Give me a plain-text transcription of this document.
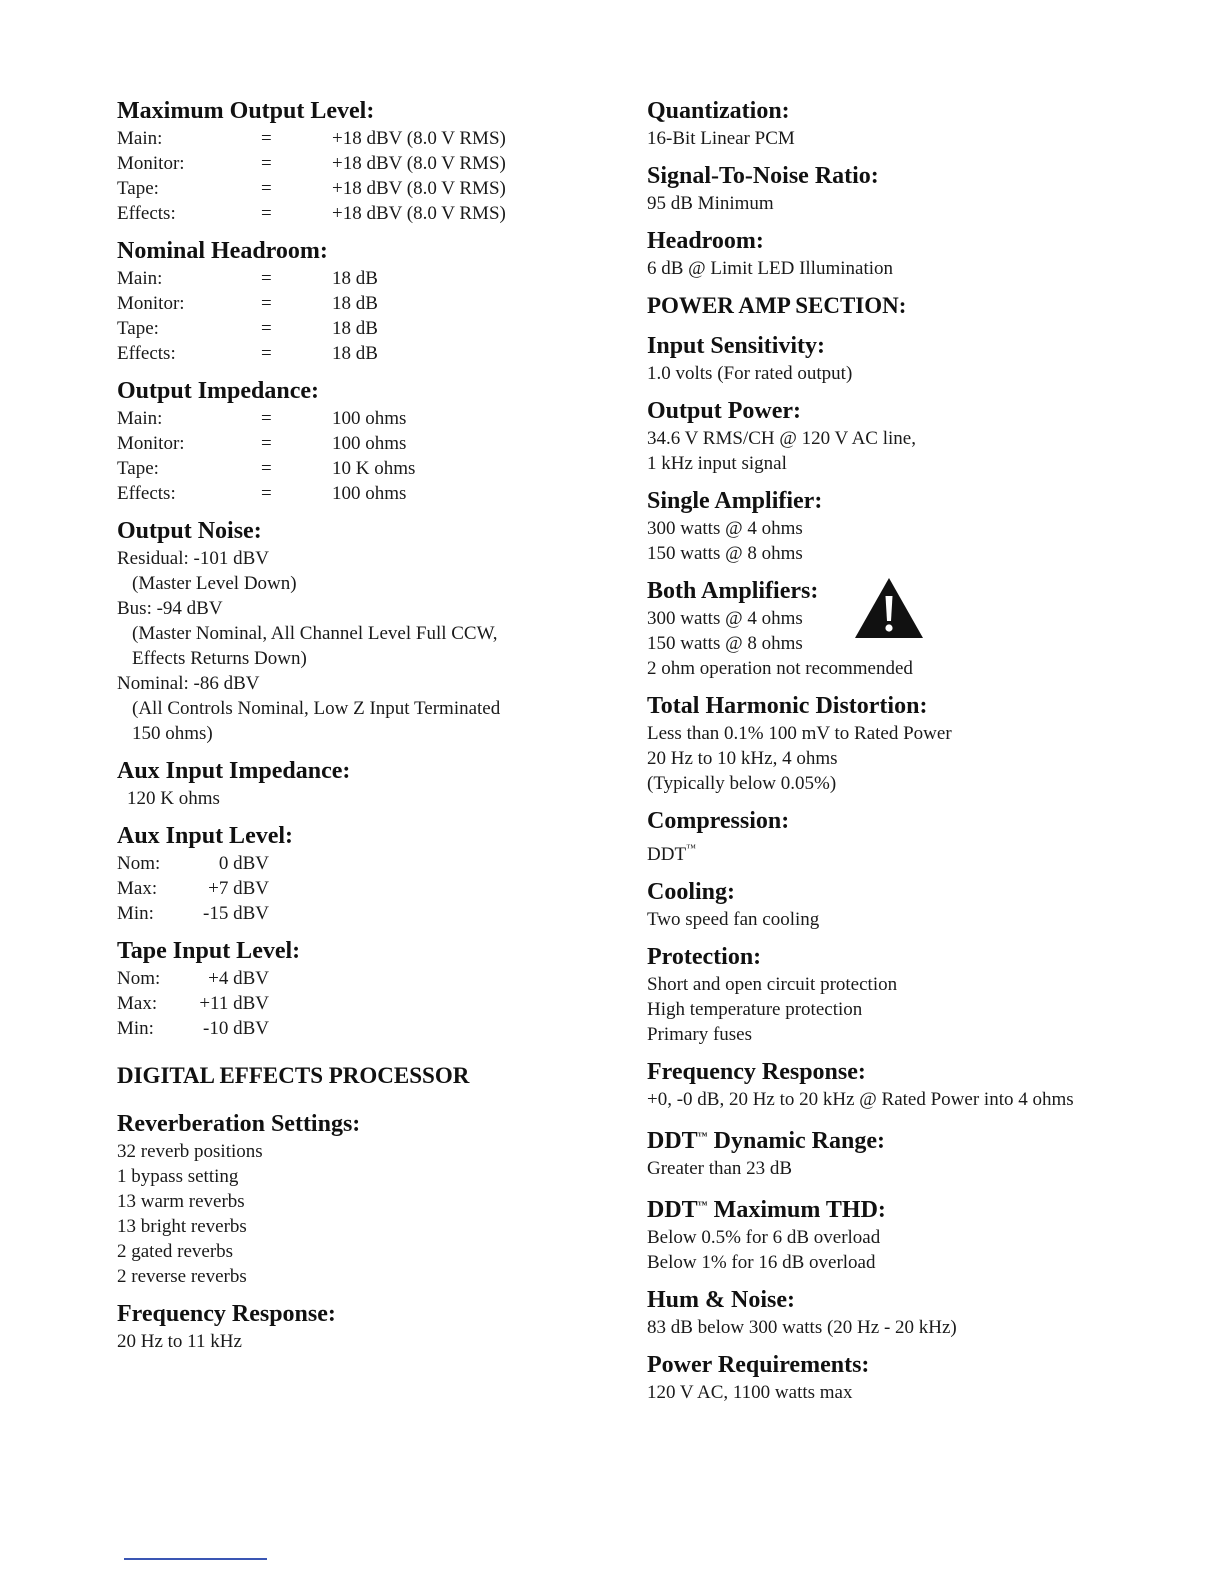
Maximum Output Level:
Main:	=	+18 dBV (8.0 V RMS)
Monitor:	=	+18 dBV (8.0 V RMS)
Tape:	=	+18 dBV (8.0 V RMS)
Effects:	=	+18 dBV (8.0 V RMS)
Nominal Headroom:
Main:	=	18 dB
Monitor:	=	18 dB
Tape:	=	18 dB
Effects:	=	18 dB
Output Impedance:
Main:	=	100 ohms
Monitor:	=	100 ohms
Tape:	=	10 K ohms
Effects:	=	100 ohms
Output Noise:
Residual: -101 dBV
(Master Level Down)
Bus: -94 dBV
(Master Nominal, All Channel Level Full CCW,
Effects Returns Down)
Nominal: -86 dBV
(All Controls Nominal, Low Z Input Terminated
150 ohms)
Aux Input Impedance:
120 K ohms
Aux Input Level:
Nom:	0 dBV
Max:	+7 dBV
Min:	-15 dBV
Tape Input Level:
Nom:	+4 dBV
Max:	+11 dBV
Min:	-10 dBV
DIGITAL EFFECTS PROCESSOR
Reverberation Settings:
32 reverb positions
1 bypass setting
13 warm reverbs
13 bright reverbs
2 gated reverbs
2 reverse reverbs
Frequency Response:
20 Hz to 11 kHz
Quantization:
16-Bit Linear PCM
Signal-To-Noise Ratio:
95 dB Minimum
Headroom:
6 dB @ Limit LED Illumination
POWER AMP SECTION:
Input Sensitivity:
1.0 volts (For rated output)
Output Power:
34.6 V RMS/CH @ 120 V AC line,
1 kHz input signal
Single Amplifier:
300 watts @ 4 ohms
150 watts @ 8 ohms
Both Amplifiers:
300 watts @ 4 ohms
150 watts @ 8 ohms
2 ohm operation not recommended
Total Harmonic Distortion:
Less than 0.1% 100 mV to Rated Power
20 Hz to 10 kHz, 4 ohms
(Typically below 0.05%)
Compression:
DDT™
Cooling:
Two speed fan cooling
Protection:
Short and open circuit protection
High temperature protection
Primary fuses
Frequency Response:
+0, -0 dB, 20 Hz to 20 kHz @ Rated Power into 4 ohms
DDT™ Dynamic Range:
Greater than 23 dB
DDT™ Maximum THD:
Below 0.5% for 6 dB overload
Below 1% for 16 dB overload
Hum & Noise:
83 dB below 300 watts (20 Hz - 20 kHz)
Power Requirements:
120 V AC, 1100 watts max
